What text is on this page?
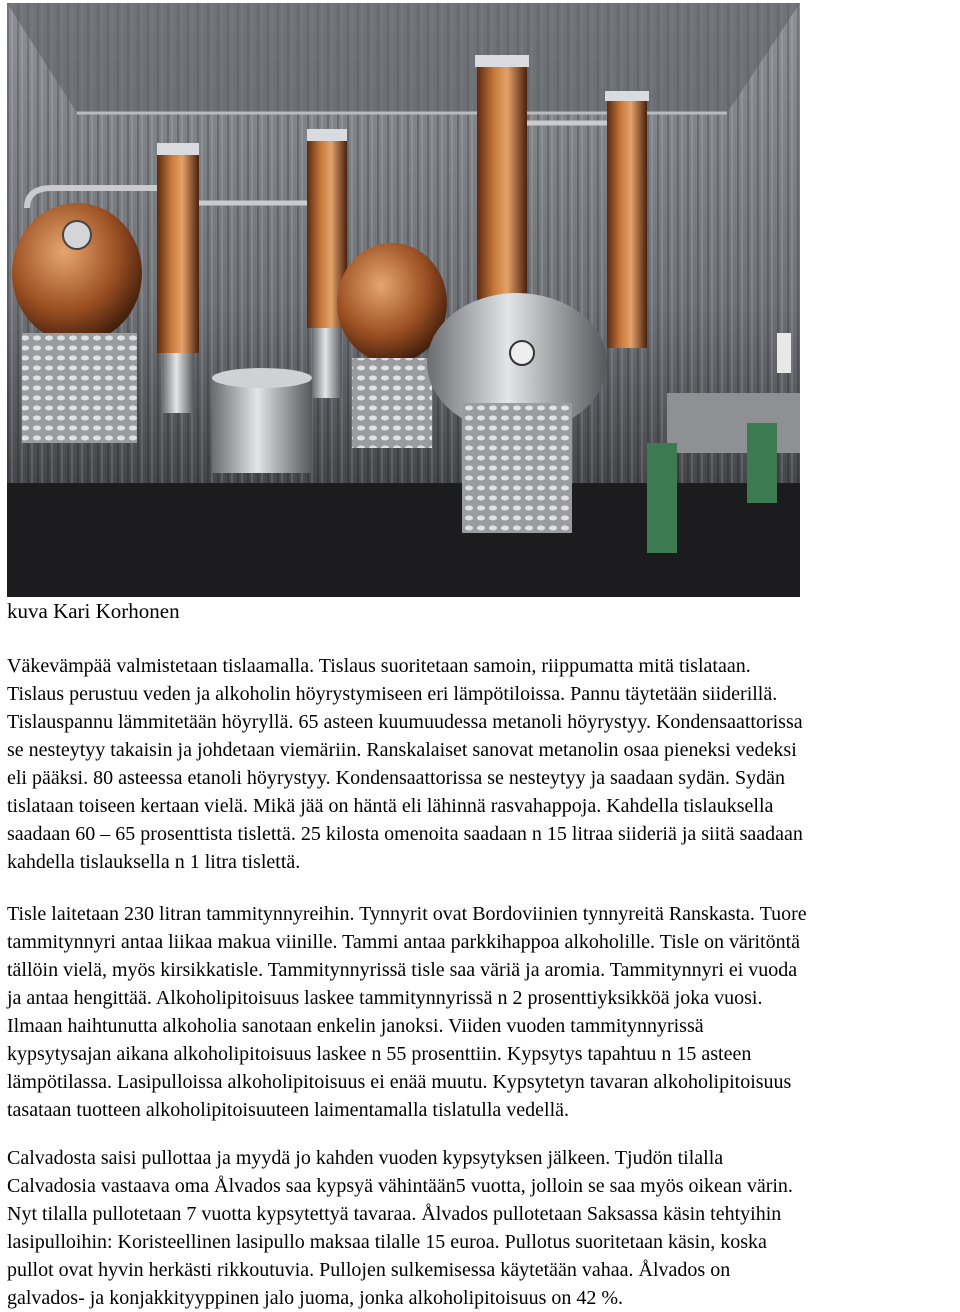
kuva Kari Korhonen
Väkevämpää valmistetaan tislaamalla. Tislaus suoritetaan samoin, riippumatta mitä tislataan.
Tislaus perustuu veden ja alkoholin höyrystymiseen eri lämpötiloissa. Pannu täytetään siiderillä.
Tislauspannu lämmitetään höyryllä. 65 asteen kuumuudessa metanoli höyrystyy. Kondensaattorissa
se nesteytyy takaisin ja johdetaan viemäriin. Ranskalaiset sanovat metanolin osaa pieneksi vedeksi
eli pääksi. 80 asteessa etanoli höyrystyy. Kondensaattorissa se nesteytyy ja saadaan sydän. Sydän
tislataan toiseen kertaan vielä. Mikä jää on häntä eli lähinnä rasvahappoja. Kahdella tislauksella
saadaan 60 – 65 prosenttista tislettä. 25 kilosta omenoita saadaan n 15 litraa siideriä ja siitä saadaan
kahdella tislauksella n 1 litra tislettä.
Tisle laitetaan 230 litran tammitynnyreihin. Tynnyrit ovat Bordoviinien tynnyreitä Ranskasta. Tuore
tammitynnyri antaa liikaa makua viinille. Tammi antaa parkkihappoa alkoholille. Tisle on väritöntä
tällöin vielä, myös kirsikkatisle. Tammitynnyrissä tisle saa väriä ja aromia. Tammitynnyri ei vuoda
ja antaa hengittää. Alkoholipitoisuus laskee tammitynnyrissä n 2 prosenttiyksikköä joka vuosi.
Ilmaan haihtunutta alkoholia sanotaan enkelin janoksi. Viiden vuoden tammitynnyrissä
kypsytysajan aikana alkoholipitoisuus laskee n 55 prosenttiin. Kypsytys tapahtuu n 15 asteen
lämpötilassa. Lasipulloissa alkoholipitoisuus ei enää muutu. Kypsytetyn tavaran alkoholipitoisuus
tasataan tuotteen alkoholipitoisuuteen laimentamalla tislatulla vedellä.
Calvadosta saisi pullottaa ja myydä jo kahden vuoden kypsytyksen jälkeen. Tjudön tilalla
Calvadosia vastaava oma Ålvados saa kypsyä vähintään5 vuotta, jolloin se saa myös oikean värin.
Nyt tilalla pullotetaan 7 vuotta kypsytettyä tavaraa. Ålvados pullotetaan Saksassa käsin tehtyihin
lasipulloihin: Koristeellinen lasipullo maksaa tilalle 15 euroa. Pullotus suoritetaan käsin, koska
pullot ovat hyvin herkästi rikkoutuvia. Pullojen sulkemisessa käytetään vahaa. Ålvados on
galvados- ja konjakkityyppinen jalo juoma, jonka alkoholipitoisuus on 42 %.
